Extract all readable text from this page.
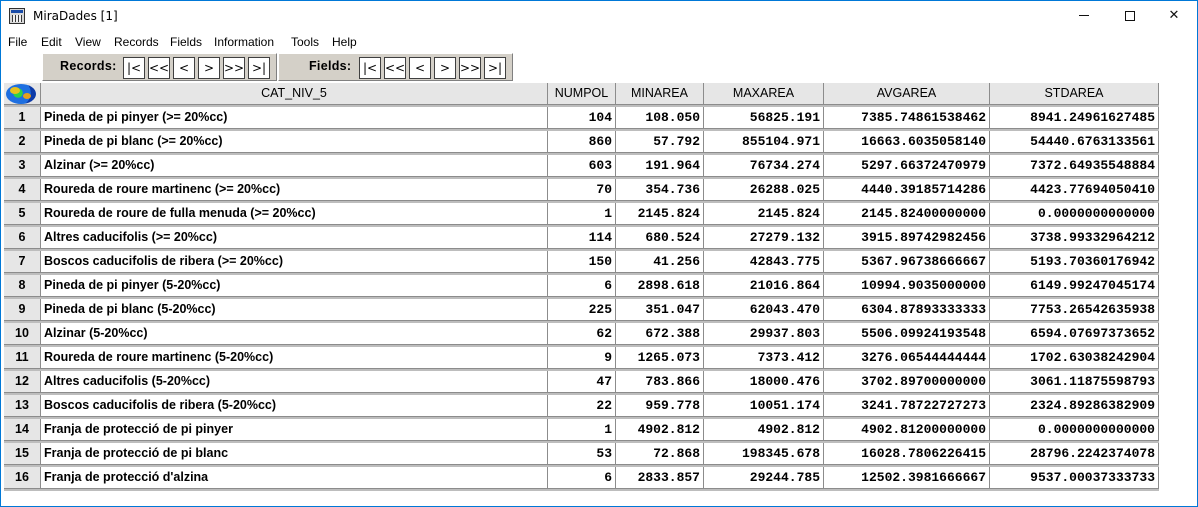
MiraDades [1]	✕
File Edit View Records Fields Information Tools Help
Records: |< << <	> >> >|	Fields: |< << <	> >> >|
CAT_NIV_5	NUMPOL	MINAREA	MAXAREA	AVGAREA	STDAREA
1	Pineda de pi pinyer (>= 20%cc)	104	108.050	56825.191	7385.74861538462	8941.24961627485
2	Pineda de pi blanc (>= 20%cc)	860	57.792	855104.971	16663.6035058140	54440.6763133561
3	Alzinar (>= 20%cc)	603	191.964	76734.274	5297.66372470979	7372.64935548884
4	Roureda de roure martinenc (>= 20%cc)	70	354.736	26288.025	4440.39185714286	4423.77694050410
5	Roureda de roure de fulla menuda (>= 20%cc)	1	2145.824	2145.824	2145.82400000000	0.0000000000000
6	Altres caducifolis (>= 20%cc)	114	680.524	27279.132	3915.89742982456	3738.99332964212
7	Boscos caducifolis de ribera (>= 20%cc)	150	41.256	42843.775	5367.96738666667	5193.70360176942
8	Pineda de pi pinyer (5-20%cc)	6	2898.618	21016.864	10994.9035000000	6149.99247045174
9	Pineda de pi blanc (5-20%cc)	225	351.047	62043.470	6304.87893333333	7753.26542635938
10	Alzinar (5-20%cc)	62	672.388	29937.803	5506.09924193548	6594.07697373652
11	Roureda de roure martinenc (5-20%cc)	9	1265.073	7373.412	3276.06544444444	1702.63038242904
12	Altres caducifolis (5-20%cc)	47	783.866	18000.476	3702.89700000000	3061.11875598793
13	Boscos caducifolis de ribera (5-20%cc)	22	959.778	10051.174	3241.78722727273	2324.89286382909
14	Franja de protecció de pi pinyer	1	4902.812	4902.812	4902.81200000000	0.0000000000000
15	Franja de protecció de pi blanc	53	72.868	198345.678	16028.7806226415	28796.2242374078
16	Franja de protecció d'alzina	6	2833.857	29244.785	12502.3981666667	9537.00037333733
